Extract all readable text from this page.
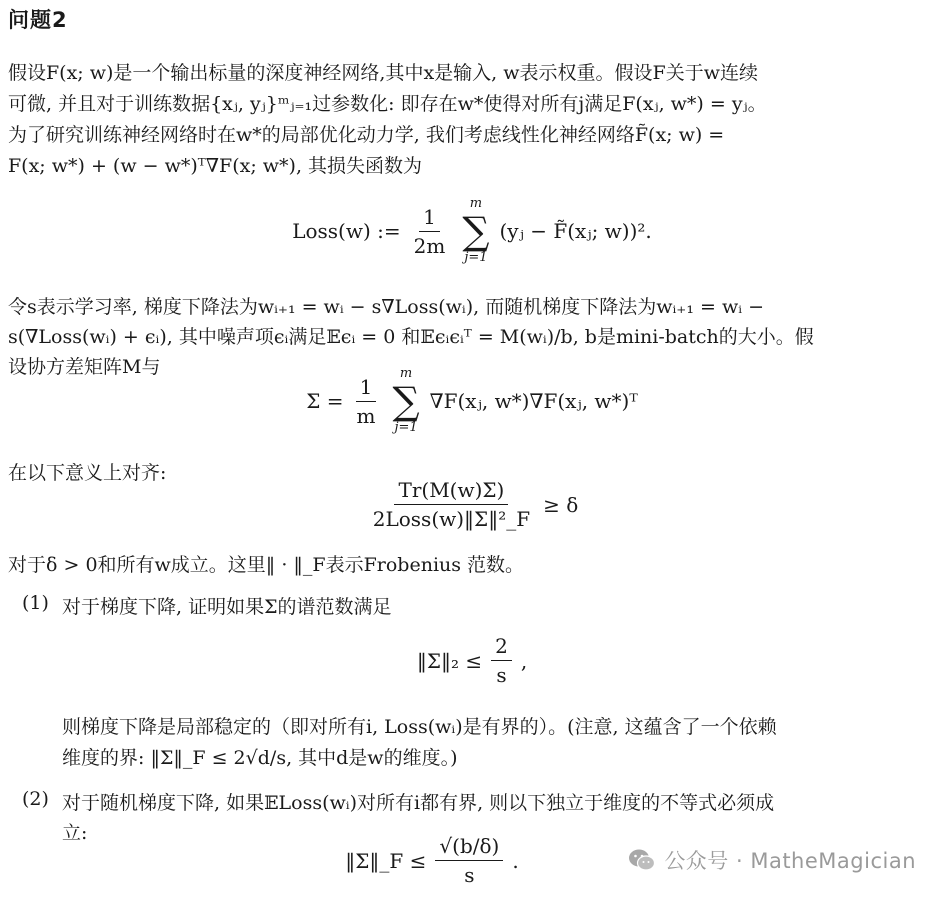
问题2
假设F(x; w)是一个输出标量的深度神经网络,其中x是输入, w表示权重。假设F关于w连续
可微, 并且对于训练数据{xⱼ, yⱼ}ᵐⱼ₌₁过参数化: 即存在w*使得对所有j满足F(xⱼ, w*) = yⱼ。
为了研究训练神经网络时在w*的局部优化动力学, 我们考虑线性化神经网络F̃(x; w) =
F(x; w*) + (w − w*)ᵀ∇F(x; w*), 其损失函数为
Loss(w) := $\frac{1}{2m}$
m
∑
j=1
(yⱼ − F̃(xⱼ; w))².
令s表示学习率, 梯度下降法为wᵢ₊₁ = wᵢ − s∇Loss(wᵢ), 而随机梯度下降法为wᵢ₊₁ = wᵢ −
s(∇Loss(wᵢ) + ϵᵢ), 其中噪声项ϵᵢ满足𝔼ϵᵢ = 0 和𝔼ϵᵢϵᵢᵀ = M(wᵢ)/b, b是mini-batch的大小。假
设协方差矩阵M与
$\Sigma = \frac{1}{m}$
m
∑
j=1
∇F(xⱼ, w*)∇F(xⱼ, w*)ᵀ
在以下意义上对齐:
$\frac{Tr(M(w)\Sigma)}{\text{2Loss(w)‖Σ‖²\_F}} \ge \delta$
对于δ > 0和所有w成立。这里‖ · ‖_F表示Frobenius 范数。
(1) 对于梯度下降, 证明如果Σ的谱范数满足
‖Σ‖₂ ≤ $\frac{2}{s}$ ,
则梯度下降是局部稳定的（即对所有i, Loss(wᵢ)是有界的）。(注意, 这蕴含了一个依赖
维度的界: ‖Σ‖_F ≤ 2√d/s, 其中d是w的维度。)
(2) 对于随机梯度下降, 如果𝔼Loss(wᵢ)对所有i都有界, 则以下独立于维度的不等式必须成
立:
‖Σ‖_F ≤ $\frac{√(b/\delta)}{s}$ .	公众号 · MatheMagician
